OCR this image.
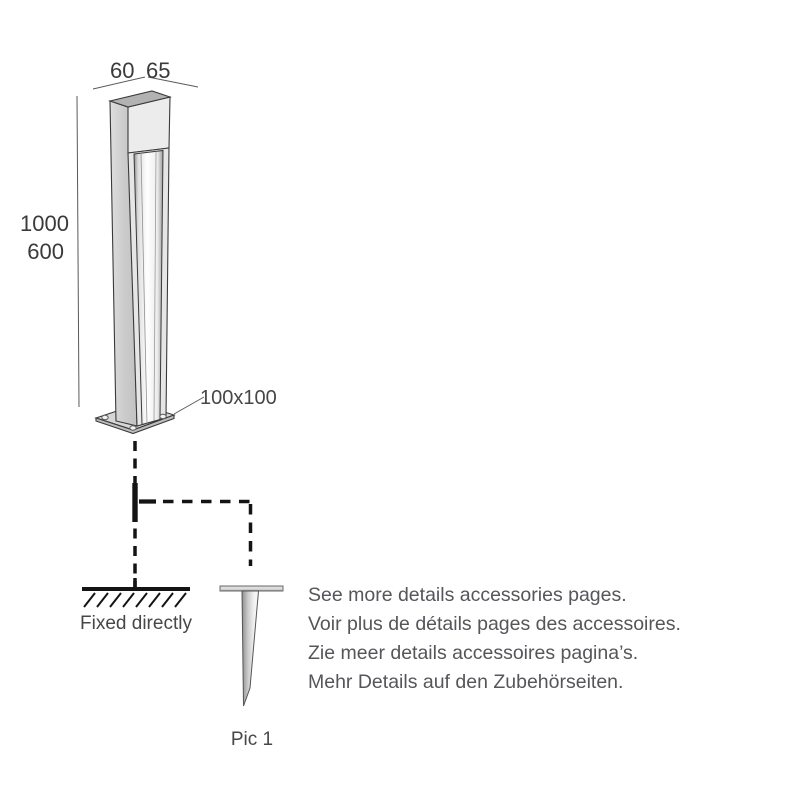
60 65
1000
600
100x100
Fixed directly
Pic 1
See more details accessories pages.
Voir plus de détails pages des accessoires.
Zie meer details accessoires pagina’s.
Mehr Details auf den Zubehörseiten.
